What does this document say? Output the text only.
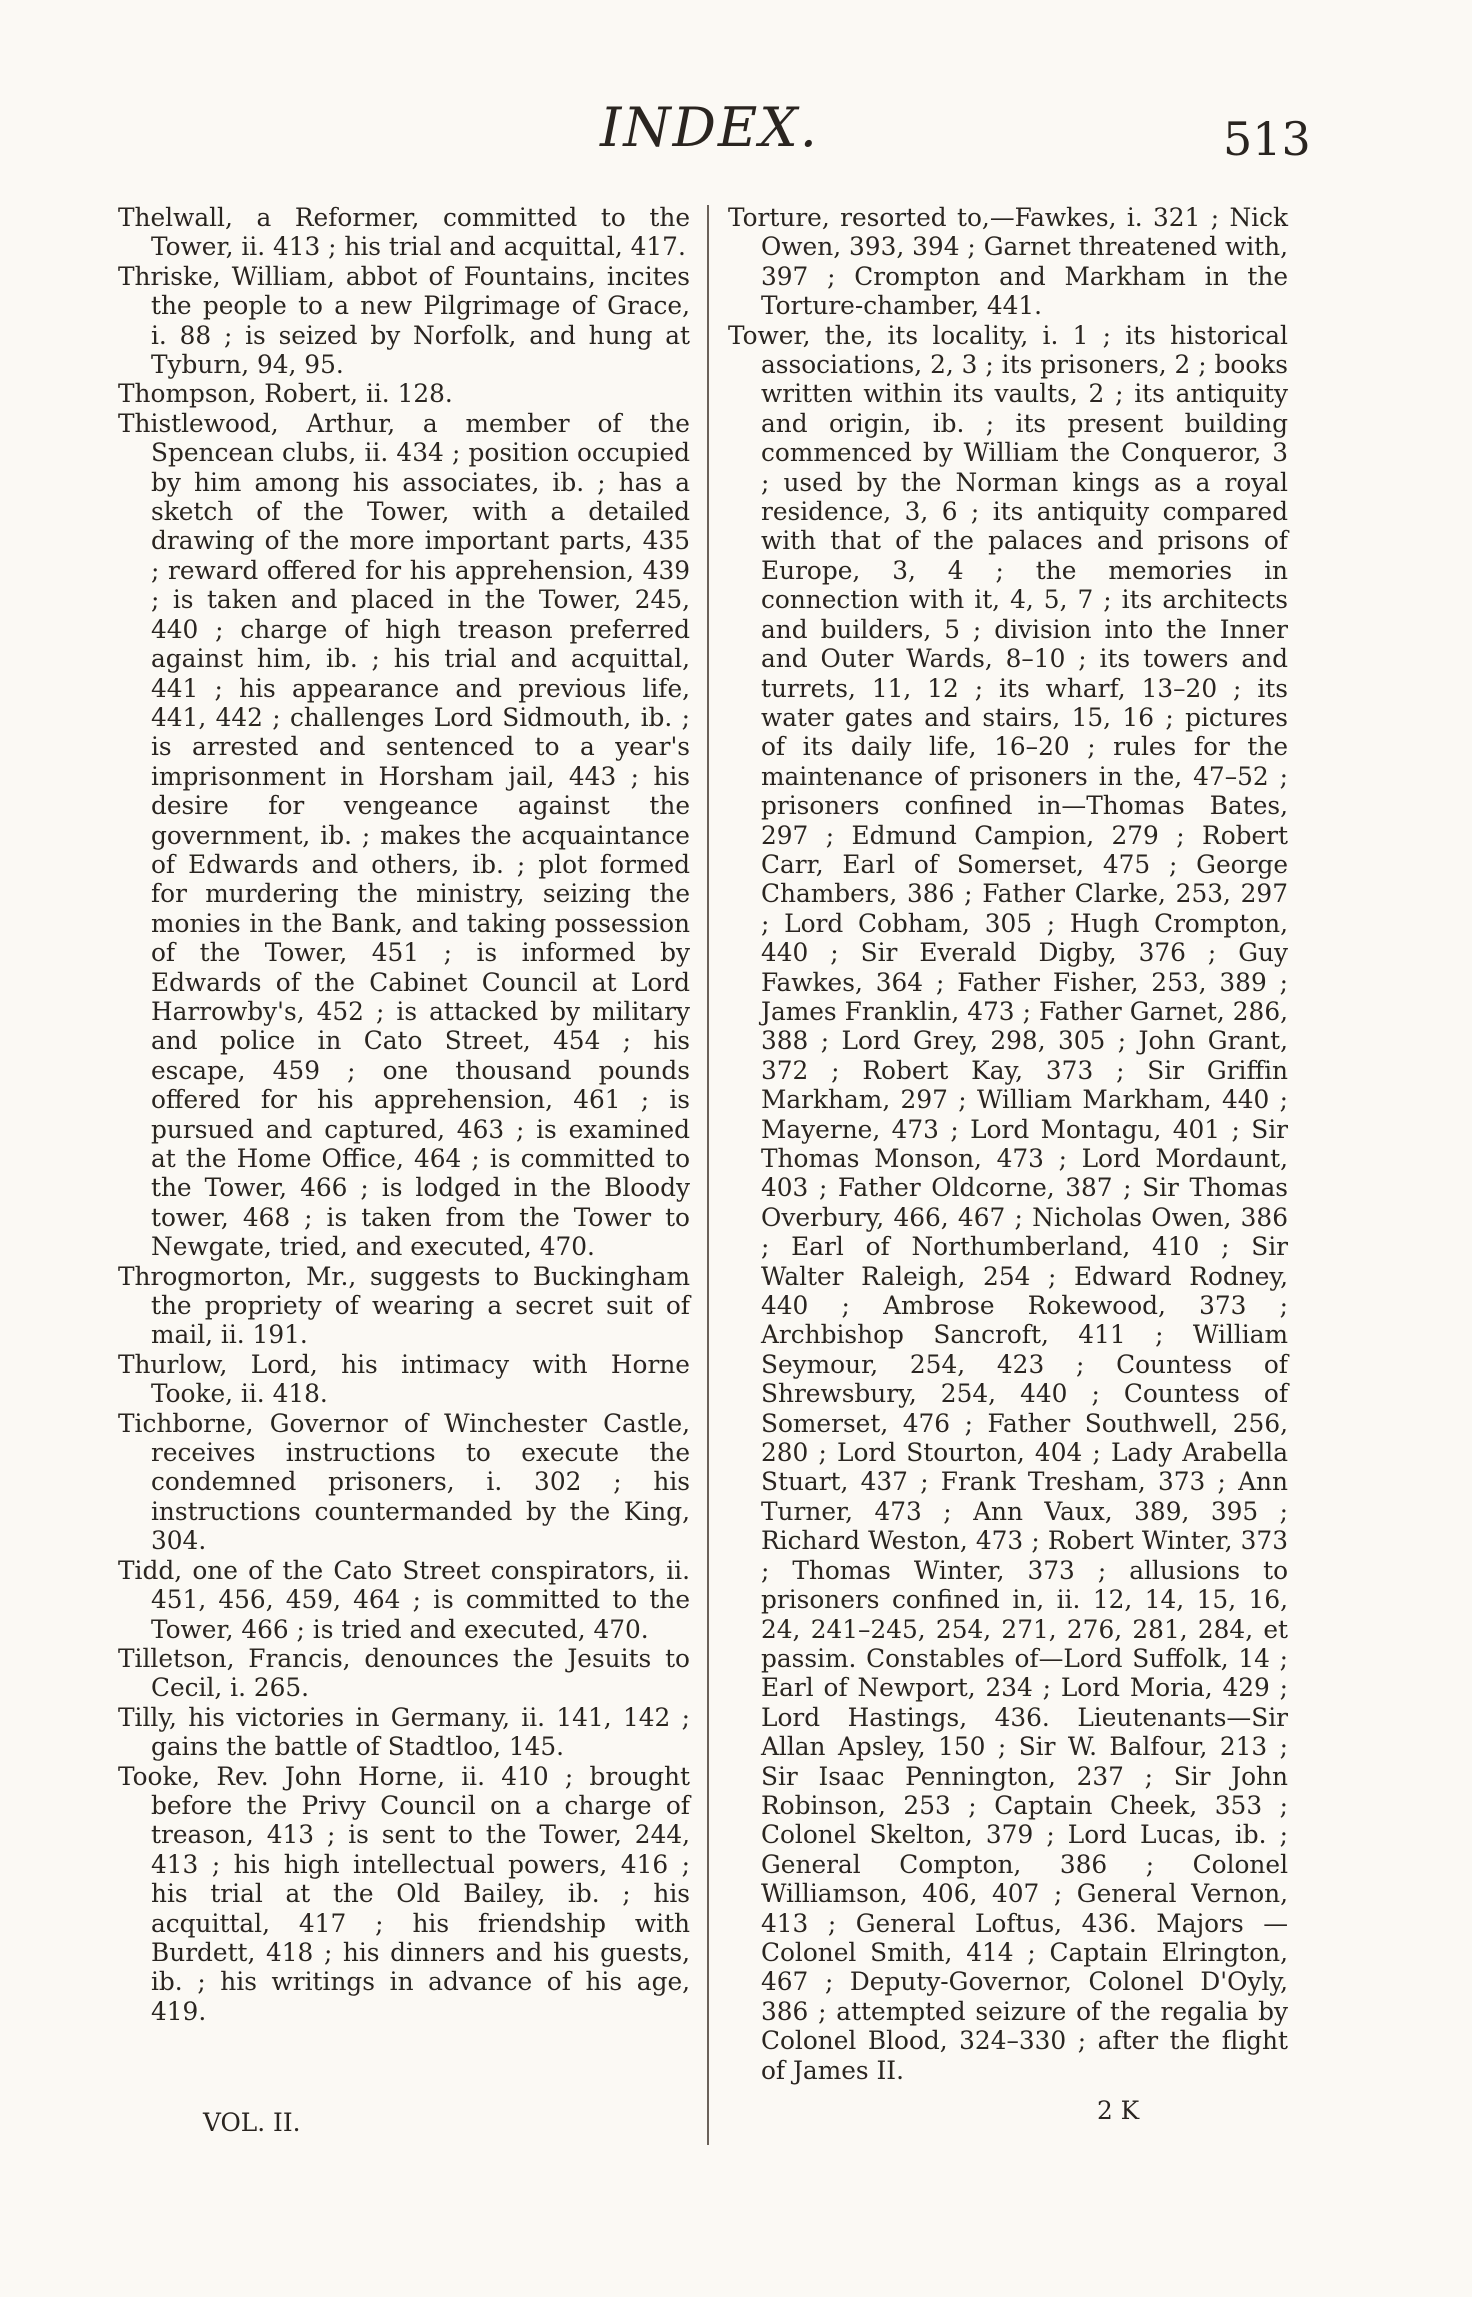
INDEX.	513
Thelwall, a Reformer, committed to the Tower, ii. 413 ; his trial and acquittal, 417.
Thriske, William, abbot of Fountains, incites the people to a new Pilgrimage of Grace, i. 88 ; is seized by Norfolk, and hung at Tyburn, 94, 95.
Thompson, Robert, ii. 128.
Thistlewood, Arthur, a member of the Spencean clubs, ii. 434 ; position occupied by him among his associates, ib. ; has a sketch of the Tower, with a detailed drawing of the more important parts, 435 ; reward offered for his apprehension, 439 ; is taken and placed in the Tower, 245, 440 ; charge of high treason preferred against him, ib. ; his trial and acquittal, 441 ; his appearance and previous life, 441, 442 ; challenges Lord Sidmouth, ib. ; is arrested and sentenced to a year's imprisonment in Horsham jail, 443 ; his desire for vengeance against the government, ib. ; makes the acquaintance of Edwards and others, ib. ; plot formed for murdering the ministry, seizing the monies in the Bank, and taking possession of the Tower, 451 ; is informed by Edwards of the Cabinet Council at Lord Harrowby's, 452 ; is attacked by military and police in Cato Street, 454 ; his escape, 459 ; one thousand pounds offered for his apprehension, 461 ; is pursued and captured, 463 ; is examined at the Home Office, 464 ; is committed to the Tower, 466 ; is lodged in the Bloody tower, 468 ; is taken from the Tower to Newgate, tried, and executed, 470.
Throgmorton, Mr., suggests to Buckingham the propriety of wearing a secret suit of mail, ii. 191.
Thurlow, Lord, his intimacy with Horne Tooke, ii. 418.
Tichborne, Governor of Winchester Castle, receives instructions to execute the condemned prisoners, i. 302 ; his instructions countermanded by the King, 304.
Tidd, one of the Cato Street conspirators, ii. 451, 456, 459, 464 ; is committed to the Tower, 466 ; is tried and executed, 470.
Tilletson, Francis, denounces the Jesuits to Cecil, i. 265.
Tilly, his victories in Germany, ii. 141, 142 ; gains the battle of Stadtloo, 145.
Tooke, Rev. John Horne, ii. 410 ; brought before the Privy Council on a charge of treason, 413 ; is sent to the Tower, 244, 413 ; his high intellectual powers, 416 ; his trial at the Old Bailey, ib. ; his acquittal, 417 ; his friendship with Burdett, 418 ; his dinners and his guests, ib. ; his writings in advance of his age, 419.
Torture, resorted to,—Fawkes, i. 321 ; Nick Owen, 393, 394 ; Garnet threatened with, 397 ; Crompton and Markham in the Torture-chamber, 441.
Tower, the, its locality, i. 1 ; its historical associations, 2, 3 ; its prisoners, 2 ; books written within its vaults, 2 ; its antiquity and origin, ib. ; its present building commenced by William the Conqueror, 3 ; used by the Norman kings as a royal residence, 3, 6 ; its antiquity compared with that of the palaces and prisons of Europe, 3, 4 ; the memories in connection with it, 4, 5, 7 ; its architects and builders, 5 ; division into the Inner and Outer Wards, 8–10 ; its towers and turrets, 11, 12 ; its wharf, 13–20 ; its water gates and stairs, 15, 16 ; pictures of its daily life, 16–20 ; rules for the maintenance of prisoners in the, 47–52 ; prisoners confined in—Thomas Bates, 297 ; Edmund Campion, 279 ; Robert Carr, Earl of Somerset, 475 ; George Chambers, 386 ; Father Clarke, 253, 297 ; Lord Cobham, 305 ; Hugh Crompton, 440 ; Sir Everald Digby, 376 ; Guy Fawkes, 364 ; Father Fisher, 253, 389 ; James Franklin, 473 ; Father Garnet, 286, 388 ; Lord Grey, 298, 305 ; John Grant, 372 ; Robert Kay, 373 ; Sir Griffin Markham, 297 ; William Markham, 440 ; Mayerne, 473 ; Lord Montagu, 401 ; Sir Thomas Monson, 473 ; Lord Mordaunt, 403 ; Father Oldcorne, 387 ; Sir Thomas Overbury, 466, 467 ; Nicholas Owen, 386 ; Earl of Northumberland, 410 ; Sir Walter Raleigh, 254 ; Edward Rodney, 440 ; Ambrose Rokewood, 373 ; Archbishop Sancroft, 411 ; William Seymour, 254, 423 ; Countess of Shrewsbury, 254, 440 ; Countess of Somerset, 476 ; Father Southwell, 256, 280 ; Lord Stourton, 404 ; Lady Arabella Stuart, 437 ; Frank Tresham, 373 ; Ann Turner, 473 ; Ann Vaux, 389, 395 ; Richard Weston, 473 ; Robert Winter, 373 ; Thomas Winter, 373 ; allusions to prisoners confined in, ii. 12, 14, 15, 16, 24, 241–245, 254, 271, 276, 281, 284, et passim. Constables of—Lord Suffolk, 14 ; Earl of Newport, 234 ; Lord Moria, 429 ; Lord Hastings, 436. Lieutenants—Sir Allan Apsley, 150 ; Sir W. Balfour, 213 ; Sir Isaac Pennington, 237 ; Sir John Robinson, 253 ; Captain Cheek, 353 ; Colonel Skelton, 379 ; Lord Lucas, ib. ; General Compton, 386 ; Colonel Williamson, 406, 407 ; General Vernon, 413 ; General Loftus, 436. Majors — Colonel Smith, 414 ; Captain Elrington, 467 ; Deputy-Governor, Colonel D'Oyly, 386 ; attempted seizure of the regalia by Colonel Blood, 324–330 ; after the flight of James II.
VOL. II.	2 K
